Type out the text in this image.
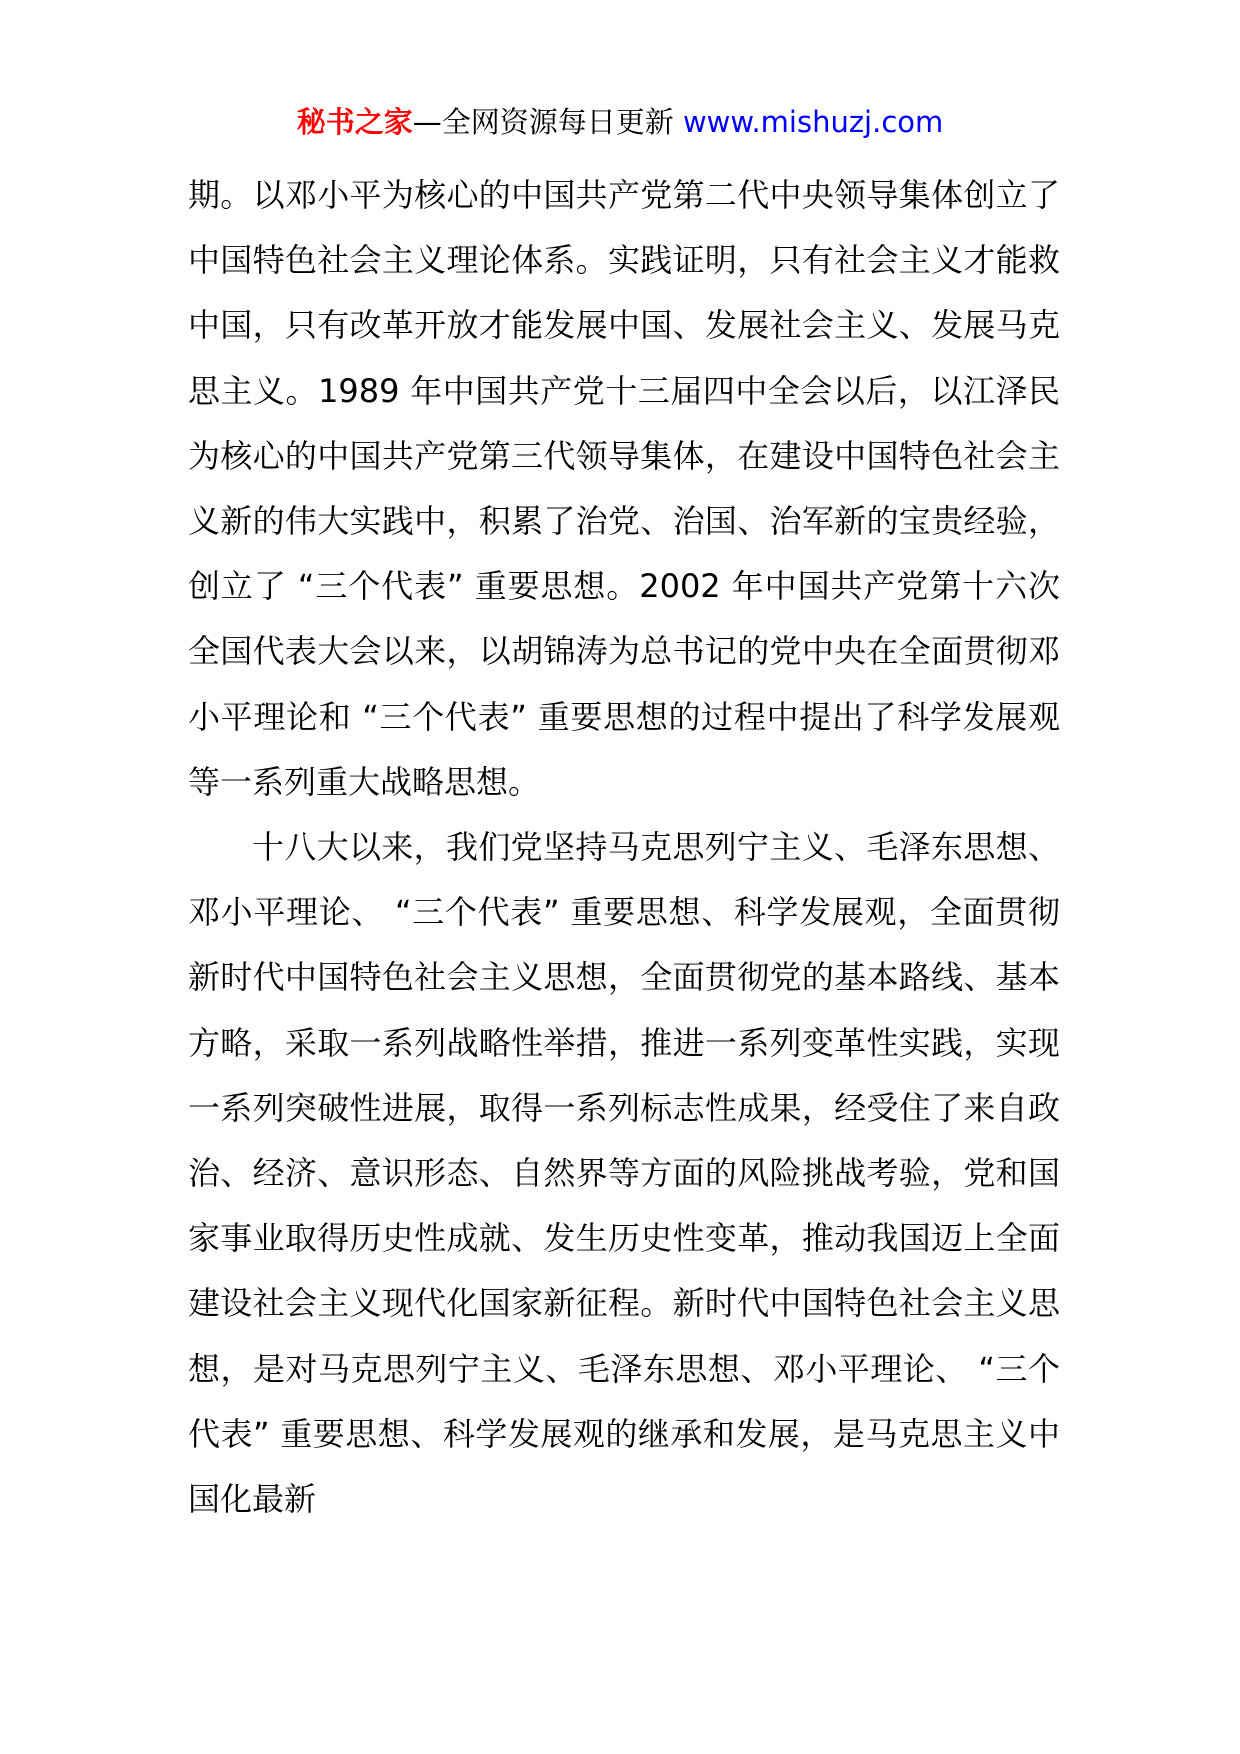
秘书之家—全网资源每日更新 www.mishuzj.com

期。以邓小平为核心的中国共产党第二代中央领导集体创立了中国特色社会主义理论体系。实践证明，只有社会主义才能救中国，只有改革开放才能发展中国、发展社会主义、发展马克思主义。1989 年中国共产党十三届四中全会以后，以江泽民为核心的中国共产党第三代领导集体，在建设中国特色社会主义新的伟大实践中，积累了治党、治国、治军新的宝贵经验，创立了 “三个代表” 重要思想。2002 年中国共产党第十六次全国代表大会以来，以胡锦涛为总书记的党中央在全面贯彻邓小平理论和 “三个代表” 重要思想的过程中提出了科学发展观等一系列重大战略思想。

十八大以来，我们党坚持马克思列宁主义、毛泽东思想、邓小平理论、 “三个代表” 重要思想、科学发展观，全面贯彻新时代中国特色社会主义思想，全面贯彻党的基本路线、基本方略，采取一系列战略性举措，推进一系列变革性实践，实现一系列突破性进展，取得一系列标志性成果，经受住了来自政治、经济、意识形态、自然界等方面的风险挑战考验，党和国家事业取得历史性成就、发生历史性变革，推动我国迈上全面建设社会主义现代化国家新征程。新时代中国特色社会主义思想，是对马克思列宁主义、毛泽东思想、邓小平理论、 “三个代表” 重要思想、科学发展观的继承和发展，是马克思主义中国化最新
